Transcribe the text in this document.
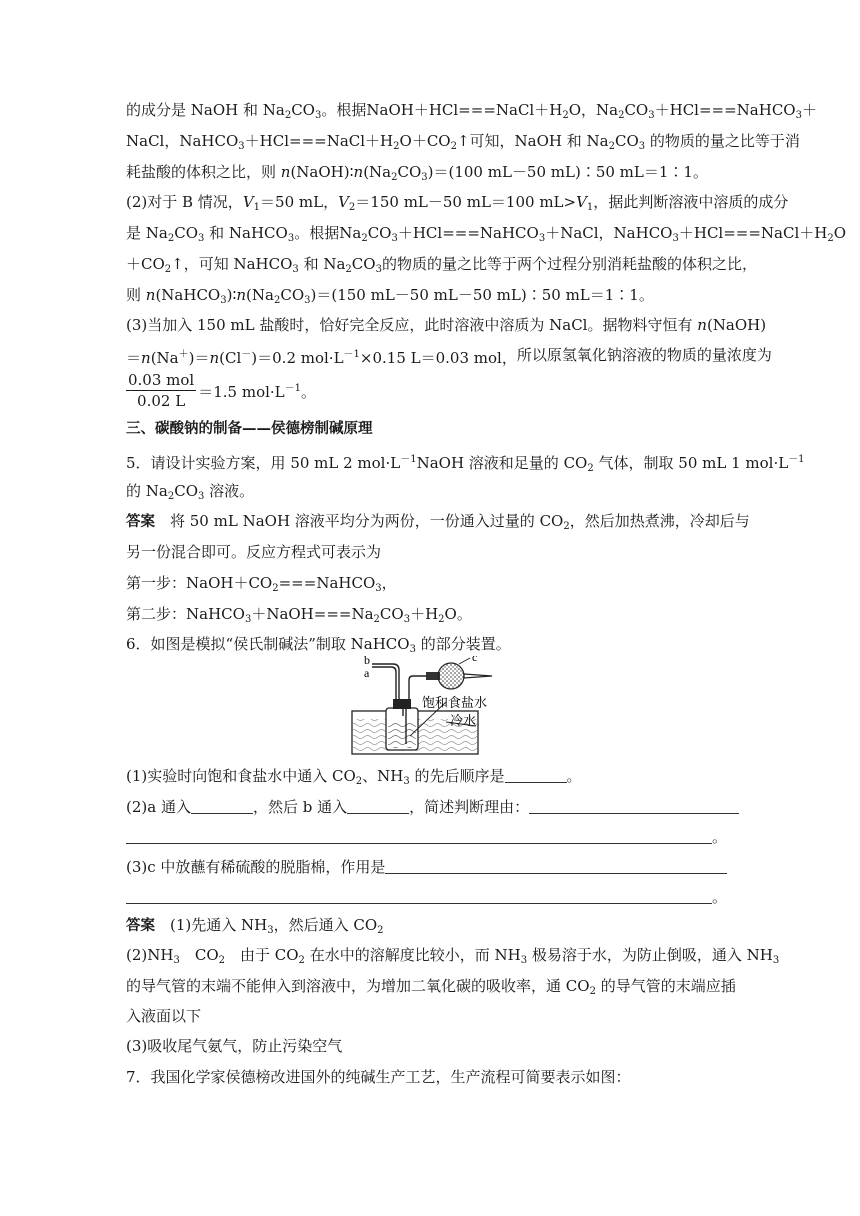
的成分是 NaOH 和 $Na_2CO_3$。根据 $NaOH+HCl===NaCl+H_2O$， $Na_2CO_3+HCl===NaHCO_3+$
NaCl，$NaHCO_3+HCl===NaCl+H_2O+CO_2↑$可知， NaOH 和 $Na_2CO_3$ 的物质的量之比等于消
耗盐酸的体积之比，则 $n(NaOH)∶n(Na_2CO_3)=(100$ mL－50 mL)∶50 mL＝1∶1。
(2)对于 B 情况，$V_1=50$ mL，$V_2=150$ mL－50 mL＝100 $mL>V_1$， 据此判断溶液中溶质的成分
是 $Na_2CO_3$ 和 NaHCO$_3$。根据 $Na_2CO_3+HCl===NaHCO_3+NaCl$， $NaHCO_3+HCl===NaCl+H_2O$
$+CO_2↑$，可知 NaHCO$_3$ 和 $Na_2CO_3$ 的物质的量之比等于两个过程分别消耗盐酸的体积之比，
则 $n(NaHCO_3)∶n(Na_2CO_3)=(150$ mL－50 mL－50 mL)∶50 mL＝1∶1。
(3)当加入 150 mL 盐酸时，恰好完全反应，此时溶液中溶质为 NaCl。 据物料守恒有 n(NaOH)
＝n(Na＋)＝n(Cl－)＝0.2 $mol\cdot L^{-1}\times 0.15$ L＝0.03 mol， 所以原氢氧化钠溶液的物质的量浓度为
$\frac{\text{0.03 mol}}{0.02 L} =1.5$ $mol\cdot L^{-1}$。
三、碳酸钠的制备——侯德榜制碱原理
5．请设计实验方案，用 50 mL 2 $mol\cdot L^{-1}NaOH$ 溶液和足量的 $CO_2$ 气体， 制取 50 mL 1 $mol\cdot L^{-1}$
的 $Na_2CO_3$ 溶液。
答案　将 50 mL NaOH 溶液平均分为两份， 一份通入过量的 $CO_2$，然后加热煮沸，冷却后与
另一份混合即可。反应方程式可表示为
第一步：$NaOH+CO_2===NaHCO_3$，
第二步：$NaHCO_3+NaOH===Na_2CO_3+H_2O$。
6．如图是模拟“侯氏制碱法”制取 NaHCO$_3$ 的部分装置。
b
a
c
饱和食盐水
冷水
(1)实验时向饱和食盐水中通入 $CO_2$、$NH_3$ 的先后顺序是	。
(2)a 通入	，然后 b 通入	，简述判断理由：
。
(3)c 中放蘸有稀硫酸的脱脂棉，作用是
。
答案　(1)先通入 $NH_3$，然后通入 $CO_2$
$(2)NH_3$　$CO_2$　由于 $CO_2$ 在水中的溶解度比较小， 而 $NH_3$ 极易溶于水，为防止倒吸，通入 $NH_3$
的导气管的末端不能伸入到溶液中， 为增加二氧化碳的吸收率，通 $CO_2$ 的导气管的末端应插
入液面以下
(3)吸收尾气氨气，防止污染空气
7．我国化学家侯德榜改进国外的纯碱生产工艺，生产流程可简要表示如图：
